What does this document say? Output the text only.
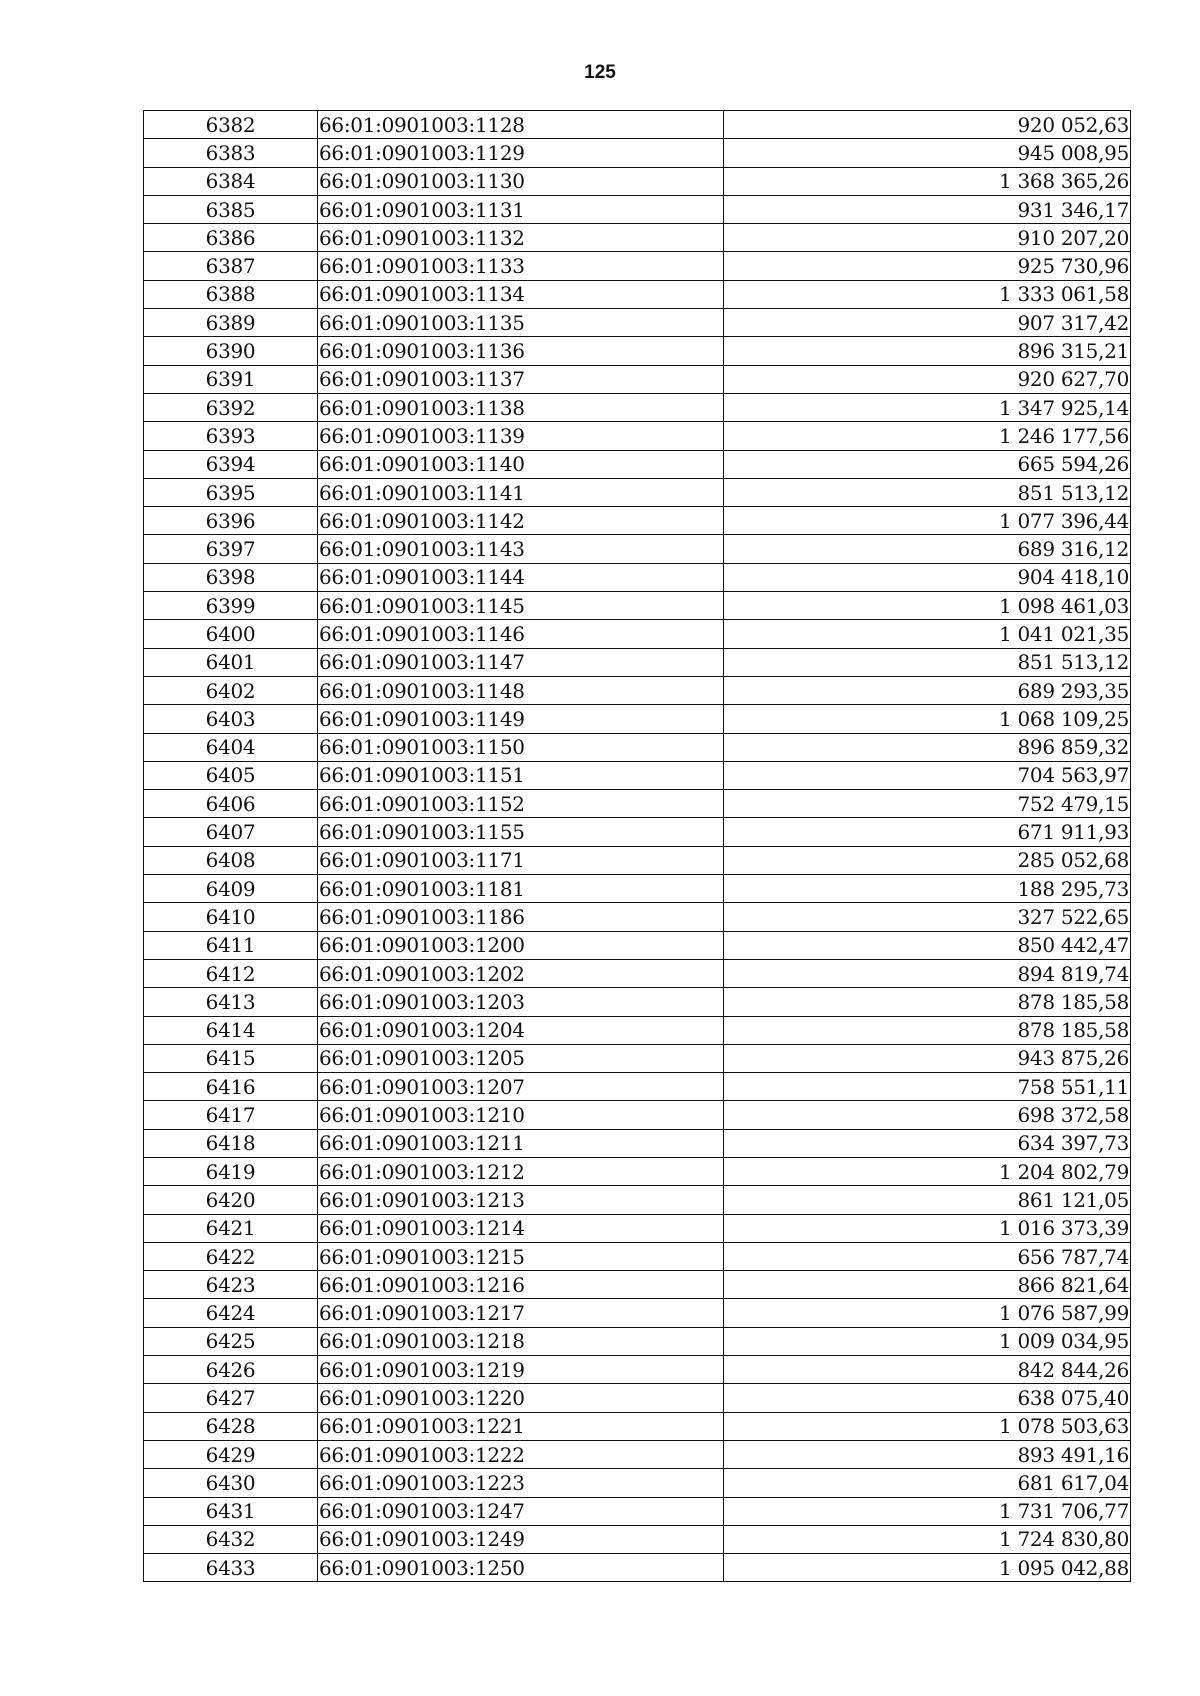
125
6382	66:01:0901003:1128	920 052,63
6383	66:01:0901003:1129	945 008,95
6384	66:01:0901003:1130	1 368 365,26
6385	66:01:0901003:1131	931 346,17
6386	66:01:0901003:1132	910 207,20
6387	66:01:0901003:1133	925 730,96
6388	66:01:0901003:1134	1 333 061,58
6389	66:01:0901003:1135	907 317,42
6390	66:01:0901003:1136	896 315,21
6391	66:01:0901003:1137	920 627,70
6392	66:01:0901003:1138	1 347 925,14
6393	66:01:0901003:1139	1 246 177,56
6394	66:01:0901003:1140	665 594,26
6395	66:01:0901003:1141	851 513,12
6396	66:01:0901003:1142	1 077 396,44
6397	66:01:0901003:1143	689 316,12
6398	66:01:0901003:1144	904 418,10
6399	66:01:0901003:1145	1 098 461,03
6400	66:01:0901003:1146	1 041 021,35
6401	66:01:0901003:1147	851 513,12
6402	66:01:0901003:1148	689 293,35
6403	66:01:0901003:1149	1 068 109,25
6404	66:01:0901003:1150	896 859,32
6405	66:01:0901003:1151	704 563,97
6406	66:01:0901003:1152	752 479,15
6407	66:01:0901003:1155	671 911,93
6408	66:01:0901003:1171	285 052,68
6409	66:01:0901003:1181	188 295,73
6410	66:01:0901003:1186	327 522,65
6411	66:01:0901003:1200	850 442,47
6412	66:01:0901003:1202	894 819,74
6413	66:01:0901003:1203	878 185,58
6414	66:01:0901003:1204	878 185,58
6415	66:01:0901003:1205	943 875,26
6416	66:01:0901003:1207	758 551,11
6417	66:01:0901003:1210	698 372,58
6418	66:01:0901003:1211	634 397,73
6419	66:01:0901003:1212	1 204 802,79
6420	66:01:0901003:1213	861 121,05
6421	66:01:0901003:1214	1 016 373,39
6422	66:01:0901003:1215	656 787,74
6423	66:01:0901003:1216	866 821,64
6424	66:01:0901003:1217	1 076 587,99
6425	66:01:0901003:1218	1 009 034,95
6426	66:01:0901003:1219	842 844,26
6427	66:01:0901003:1220	638 075,40
6428	66:01:0901003:1221	1 078 503,63
6429	66:01:0901003:1222	893 491,16
6430	66:01:0901003:1223	681 617,04
6431	66:01:0901003:1247	1 731 706,77
6432	66:01:0901003:1249	1 724 830,80
6433	66:01:0901003:1250	1 095 042,88
